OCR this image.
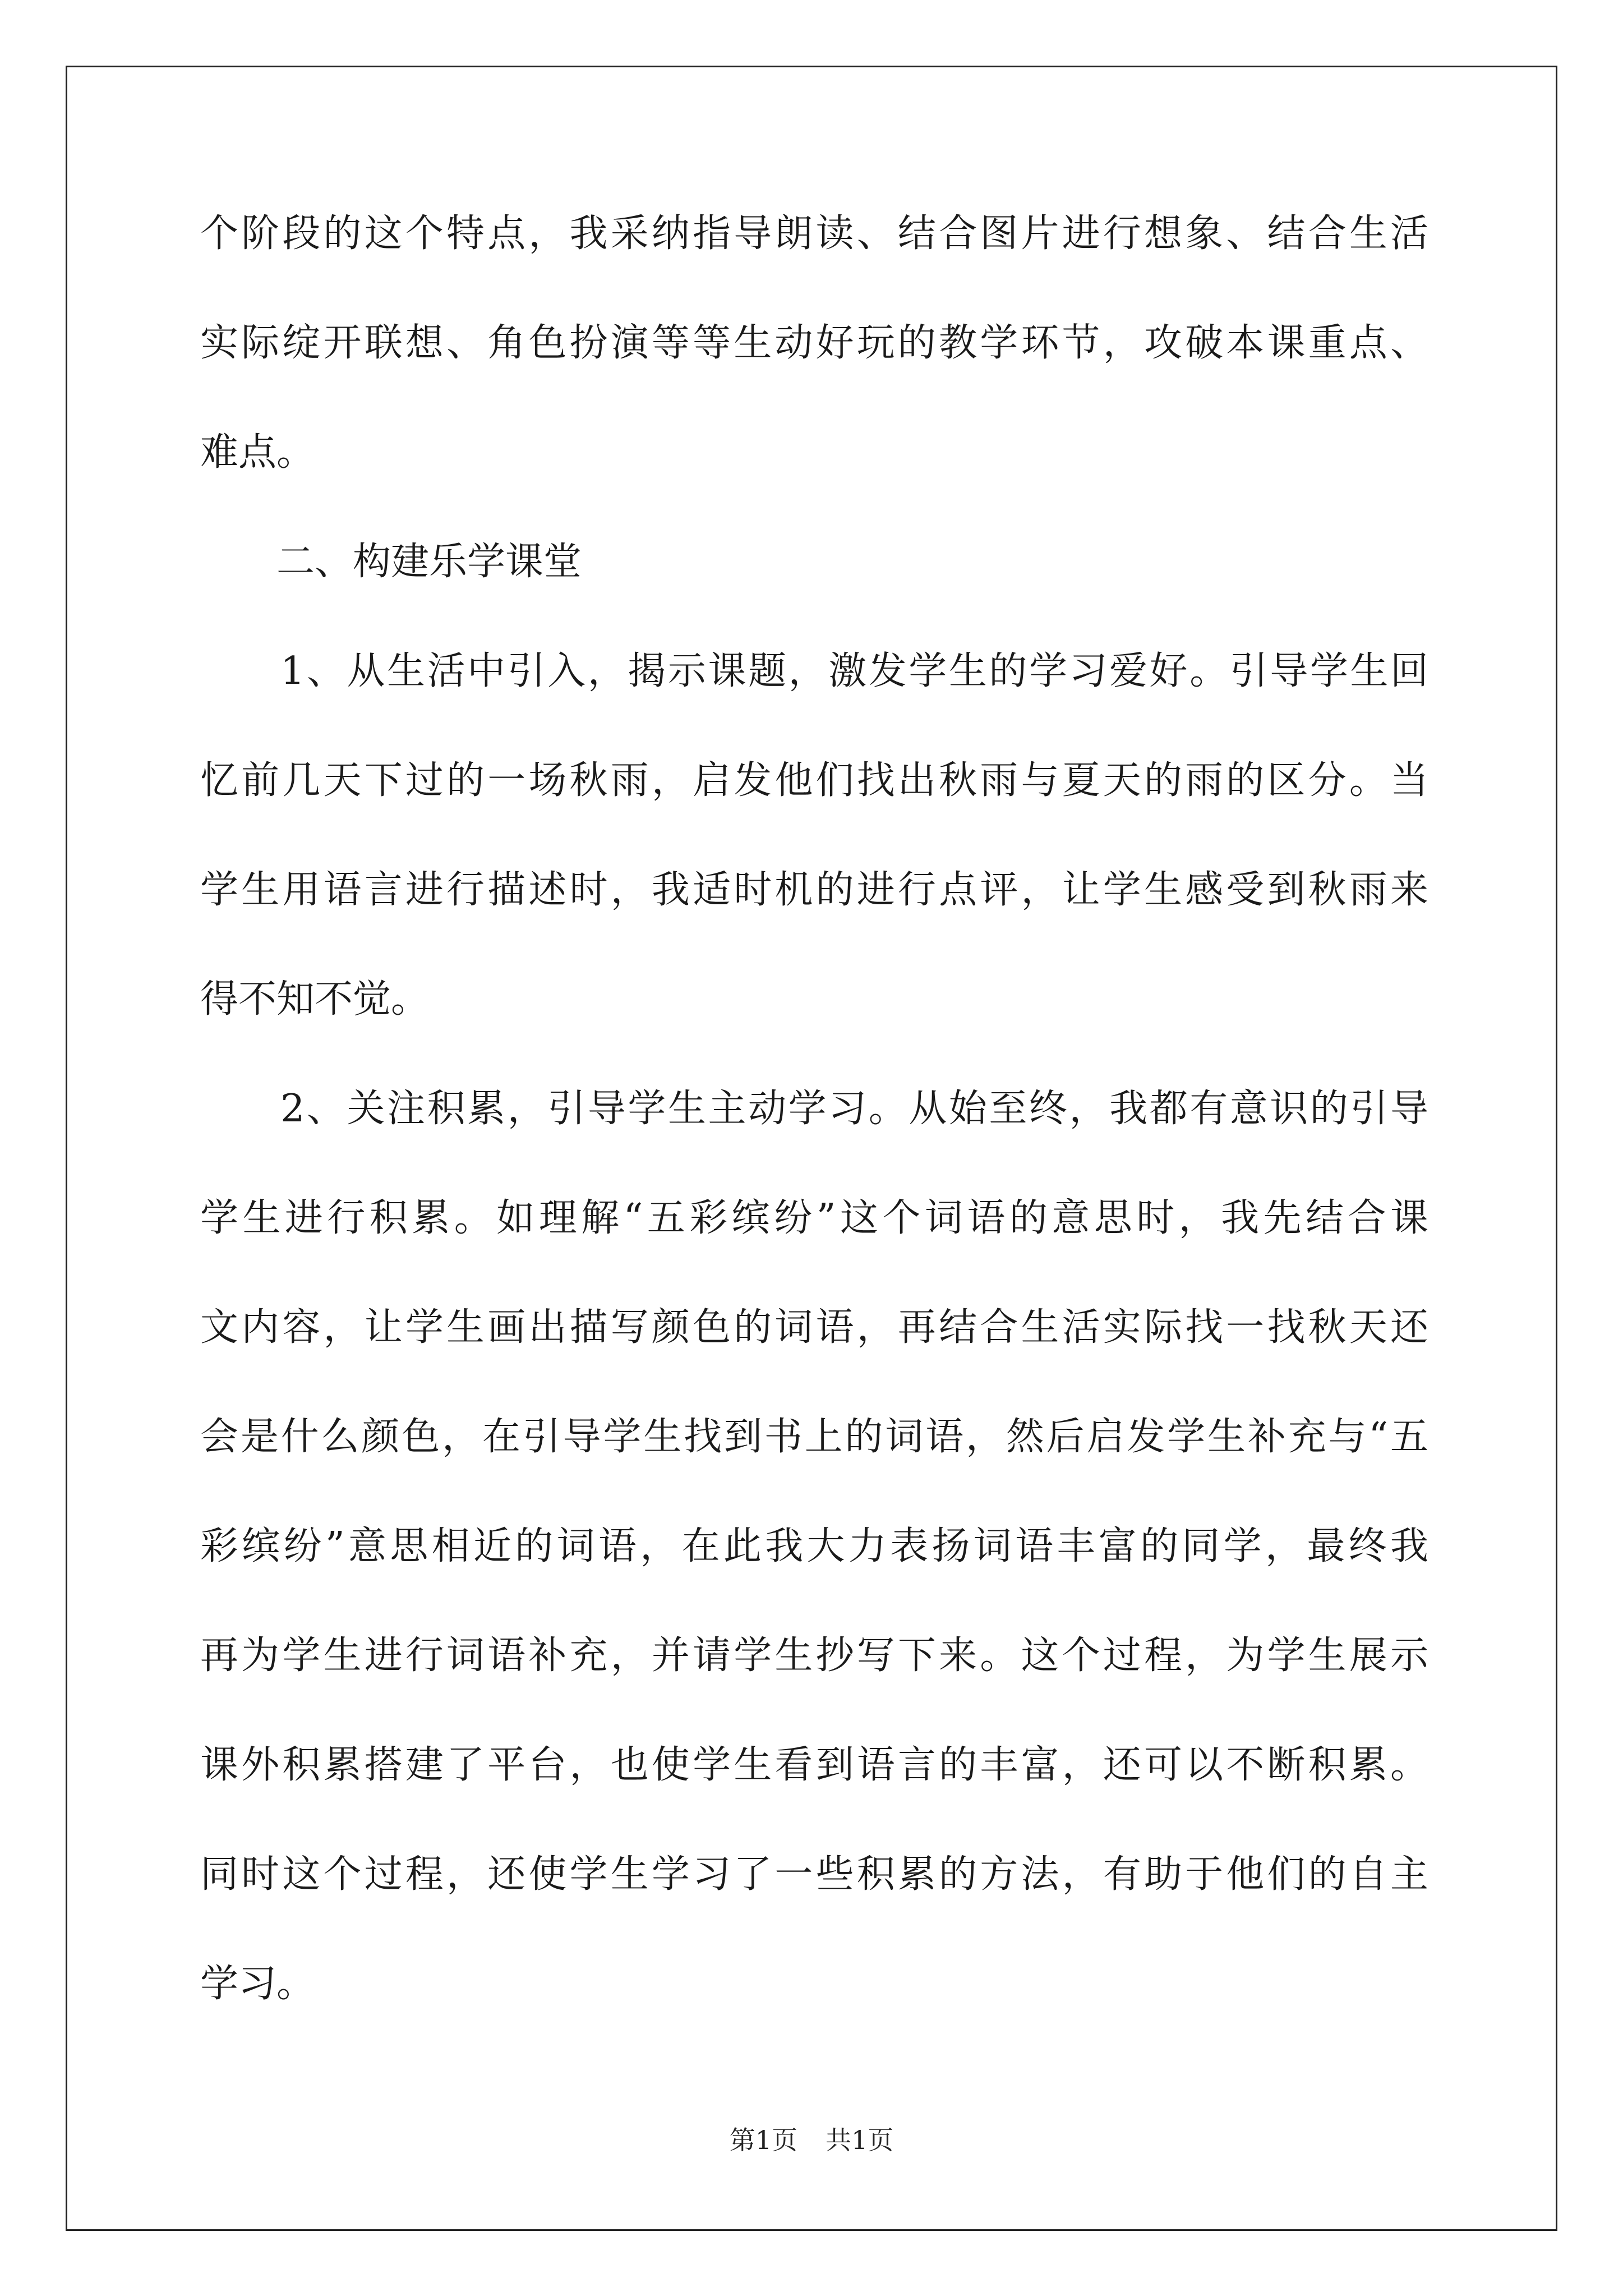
个阶段的这个特点，我采纳指导朗读、结合图片进行想象、结合生活
实际绽开联想、角色扮演等等生动好玩的教学环节，攻破本课重点、
难点。
　　二、构建乐学课堂
　　1、从生活中引入，揭示课题，激发学生的学习爱好。引导学生回
忆前几天下过的一场秋雨，启发他们找出秋雨与夏天的雨的区分。当
学生用语言进行描述时，我适时机的进行点评，让学生感受到秋雨来
得不知不觉。
　　2、关注积累，引导学生主动学习。从始至终，我都有意识的引导
学生进行积累。如理解“五彩缤纷”这个词语的意思时，我先结合课
文内容，让学生画出描写颜色的词语，再结合生活实际找一找秋天还
会是什么颜色，在引导学生找到书上的词语，然后启发学生补充与“五
彩缤纷”意思相近的词语，在此我大力表扬词语丰富的同学，最终我
再为学生进行词语补充，并请学生抄写下来。这个过程，为学生展示
课外积累搭建了平台，也使学生看到语言的丰富，还可以不断积累。
同时这个过程，还使学生学习了一些积累的方法，有助于他们的自主
学习。
第1页 共1页
